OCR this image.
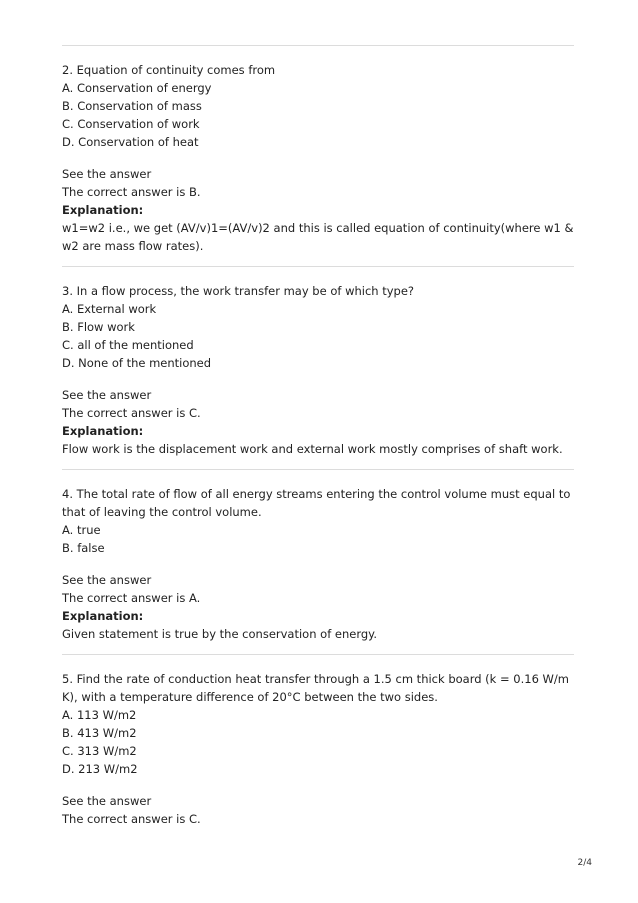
2. Equation of continuity comes from
A. Conservation of energy
B. Conservation of mass
C. Conservation of work
D. Conservation of heat
See the answer
The correct answer is B.
Explanation:
w1=w2 i.e., we get (AV/v)1=(AV/v)2 and this is called equation of continuity(where w1 & w2 are mass flow rates).
3. In a flow process, the work transfer may be of which type?
A. External work
B. Flow work
C. all of the mentioned
D. None of the mentioned
See the answer
The correct answer is C.
Explanation:
Flow work is the displacement work and external work mostly comprises of shaft work.
4. The total rate of flow of all energy streams entering the control volume must equal to that of leaving the control volume.
A. true
B. false
See the answer
The correct answer is A.
Explanation:
Given statement is true by the conservation of energy.
5. Find the rate of conduction heat transfer through a 1.5 cm thick board (k = 0.16 W/m K), with a temperature difference of 20°C between the two sides.
A. 113 W/m2
B. 413 W/m2
C. 313 W/m2
D. 213 W/m2
See the answer
The correct answer is C.
2/4
